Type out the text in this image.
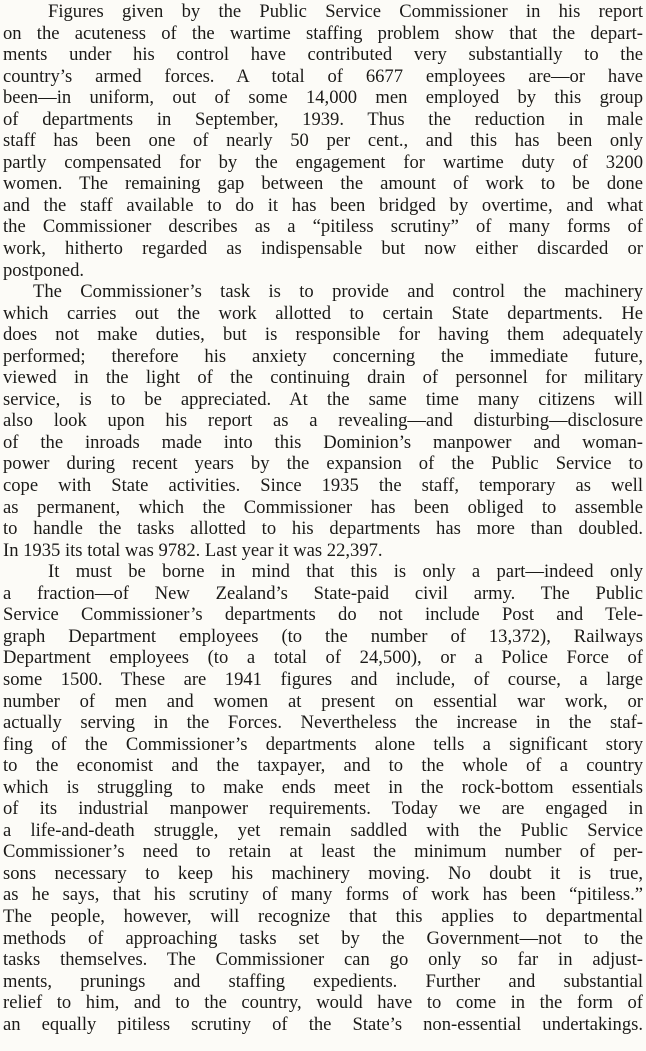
Figures given by the Public Service Commissioner in his report
on the acuteness of the wartime staffing problem show that the depart-
ments under his control have contributed very substantially to the
country’s armed forces. A total of 6677 employees are—or have
been—in uniform, out of some 14,000 men employed by this group
of departments in September, 1939. Thus the reduction in male
staff has been one of nearly 50 per cent., and this has been only
partly compensated for by the engagement for wartime duty of 3200
women. The remaining gap between the amount of work to be done
and the staff available to do it has been bridged by overtime, and what
the Commissioner describes as a “pitiless scrutiny” of many forms of
work, hitherto regarded as indispensable but now either discarded or
postponed.
The Commissioner’s task is to provide and control the machinery
which carries out the work allotted to certain State departments. He
does not make duties, but is responsible for having them adequately
performed; therefore his anxiety concerning the immediate future,
viewed in the light of the continuing drain of personnel for military
service, is to be appreciated. At the same time many citizens will
also look upon his report as a revealing—and disturbing—disclosure
of the inroads made into this Dominion’s manpower and woman-
power during recent years by the expansion of the Public Service to
cope with State activities. Since 1935 the staff, temporary as well
as permanent, which the Commissioner has been obliged to assemble
to handle the tasks allotted to his departments has more than doubled.
In 1935 its total was 9782. Last year it was 22,397.
It must be borne in mind that this is only a part—indeed only
a fraction—of New Zealand’s State-paid civil army. The Public
Service Commissioner’s departments do not include Post and Tele-
graph Department employees (to the number of 13,372), Railways
Department employees (to a total of 24,500), or a Police Force of
some 1500. These are 1941 figures and include, of course, a large
number of men and women at present on essential war work, or
actually serving in the Forces. Nevertheless the increase in the staf-
fing of the Commissioner’s departments alone tells a significant story
to the economist and the taxpayer, and to the whole of a country
which is struggling to make ends meet in the rock-bottom essentials
of its industrial manpower requirements. Today we are engaged in
a life-and-death struggle, yet remain saddled with the Public Service
Commissioner’s need to retain at least the minimum number of per-
sons necessary to keep his machinery moving. No doubt it is true,
as he says, that his scrutiny of many forms of work has been “pitiless.”
The people, however, will recognize that this applies to departmental
methods of approaching tasks set by the Government—not to the
tasks themselves. The Commissioner can go only so far in adjust-
ments, prunings and staffing expedients. Further and substantial
relief to him, and to the country, would have to come in the form of
an equally pitiless scrutiny of the State’s non-essential undertakings.
